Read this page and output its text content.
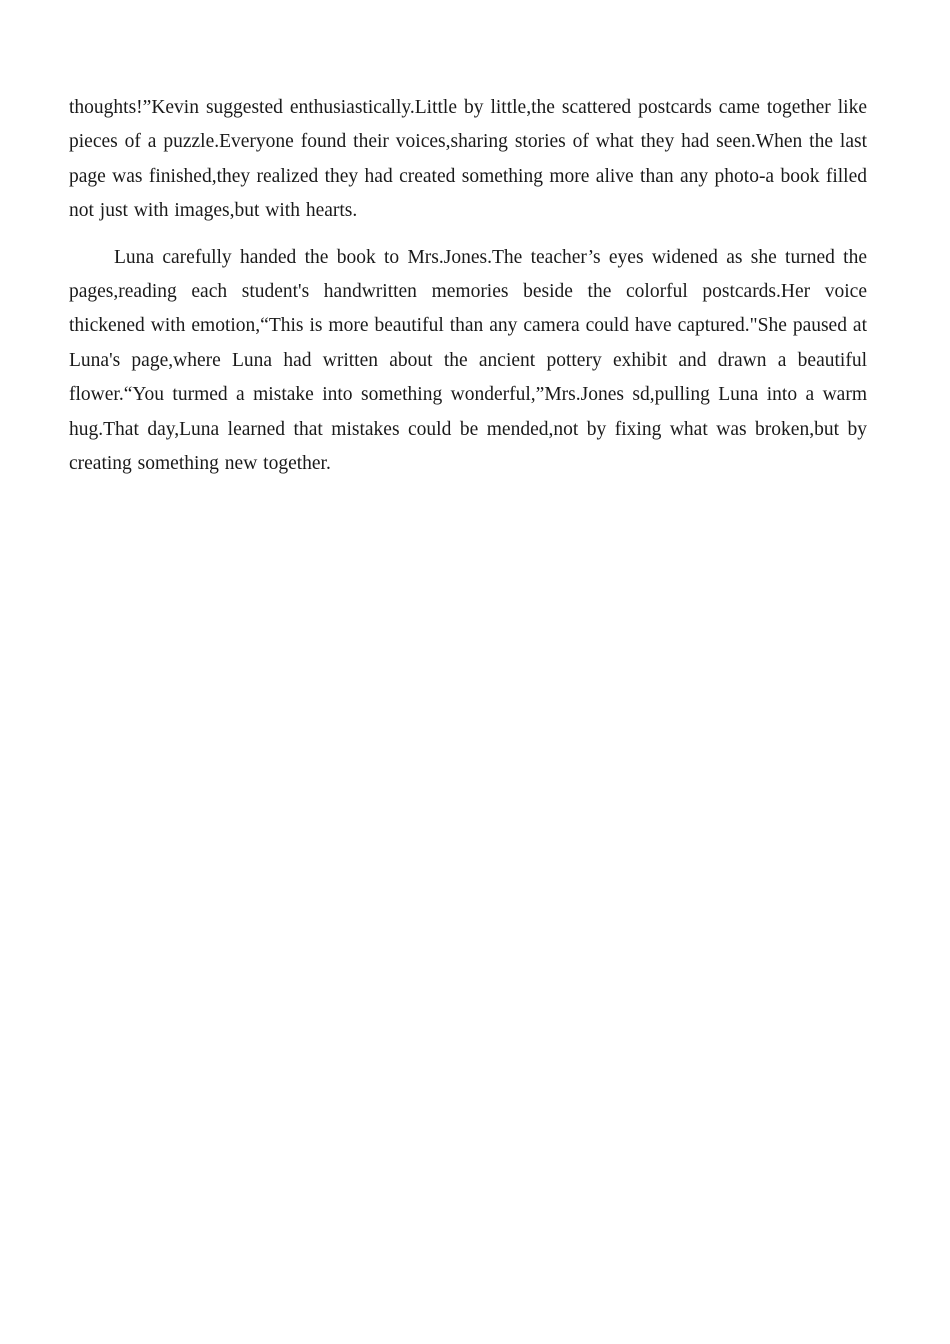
thoughts!”Kevin suggested enthusiastically.Little by little,the scattered postcards came together like pieces of a puzzle.Everyone found their voices,sharing stories of what they had seen.When the last page was finished,they realized they had created something more alive than any photo-a book filled not just with images,but with hearts.

Luna carefully handed the book to Mrs.Jones.The teacher’s eyes widened as she turned the pages,reading each student's handwritten memories beside the colorful postcards.Her voice thickened with emotion,“This is more beautiful than any camera could have captured."She paused at Luna's page,where Luna had written about the ancient pottery exhibit and drawn a beautiful flower.“You turmed a mistake into something wonderful,”Mrs.Jones sd,pulling Luna into a warm hug.That day,Luna learned that mistakes could be mended,not by fixing what was broken,but by creating something new together.
